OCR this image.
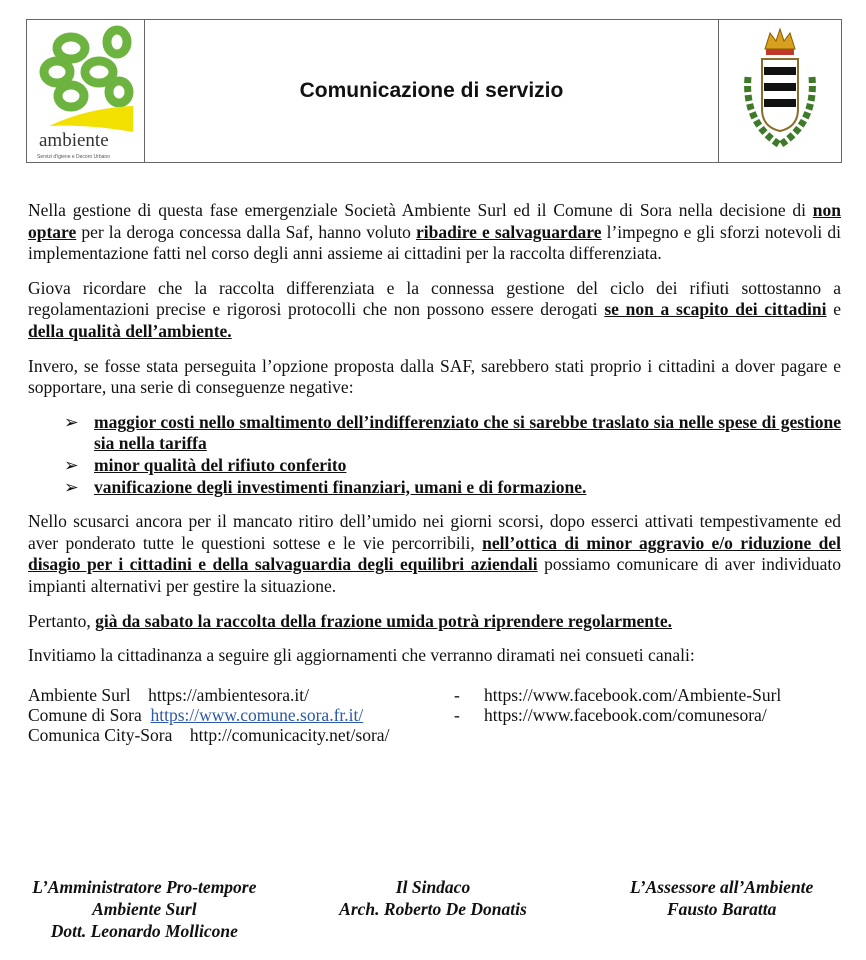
ambiente
Servizi d'igiene e Decoro Urbano
Comunicazione di servizio

Nella gestione di questa fase emergenziale Società Ambiente Surl ed il Comune di Sora nella decisione di non optare per la deroga concessa dalla Saf, hanno voluto ribadire e salvaguardare l’impegno e gli sforzi notevoli di implementazione fatti nel corso degli anni assieme ai cittadini per la raccolta differenziata.

Giova ricordare che la raccolta differenziata e la connessa gestione del ciclo dei rifiuti sottostanno a regolamentazioni precise e rigorosi protocolli che non possono essere derogati se non a scapito dei cittadini e della qualità dell’ambiente.

Invero, se fosse stata perseguita l’opzione proposta dalla SAF, sarebbero stati proprio i cittadini a dover pagare e sopportare, una serie di conseguenze negative:

➢ maggior costi nello smaltimento dell’indifferenziato che si sarebbe traslato sia nelle spese di gestione sia nella tariffa
➢ minor qualità del rifiuto conferito
➢ vanificazione degli investimenti finanziari, umani e di formazione.

Nello scusarci ancora per il mancato ritiro dell’umido nei giorni scorsi, dopo esserci attivati tempestivamente ed aver ponderato tutte le questioni sottese e le vie percorribili, nell’ottica di minor aggravio e/o riduzione del disagio per i cittadini e della salvaguardia degli equilibri aziendali possiamo comunicare di aver individuato impianti alternativi per gestire la situazione.

Pertanto, già da sabato la raccolta della frazione umida potrà riprendere regolarmente.

Invitiamo la cittadinanza a seguire gli aggiornamenti che verranno diramati nei consueti canali:

Ambiente Surl https://ambientesora.it/	-	https://www.facebook.com/Ambiente-Surl
Comune di Sora https://www.comune.sora.fr.it/	-	https://www.facebook.com/comunesora/
Comunica City-Sora http://comunicacity.net/sora/
L’Amministratore Pro-tempore
Ambiente Surl
Dott. Leonardo Mollicone
Il Sindaco
Arch. Roberto De Donatis
L’Assessore all’Ambiente
Fausto Baratta
